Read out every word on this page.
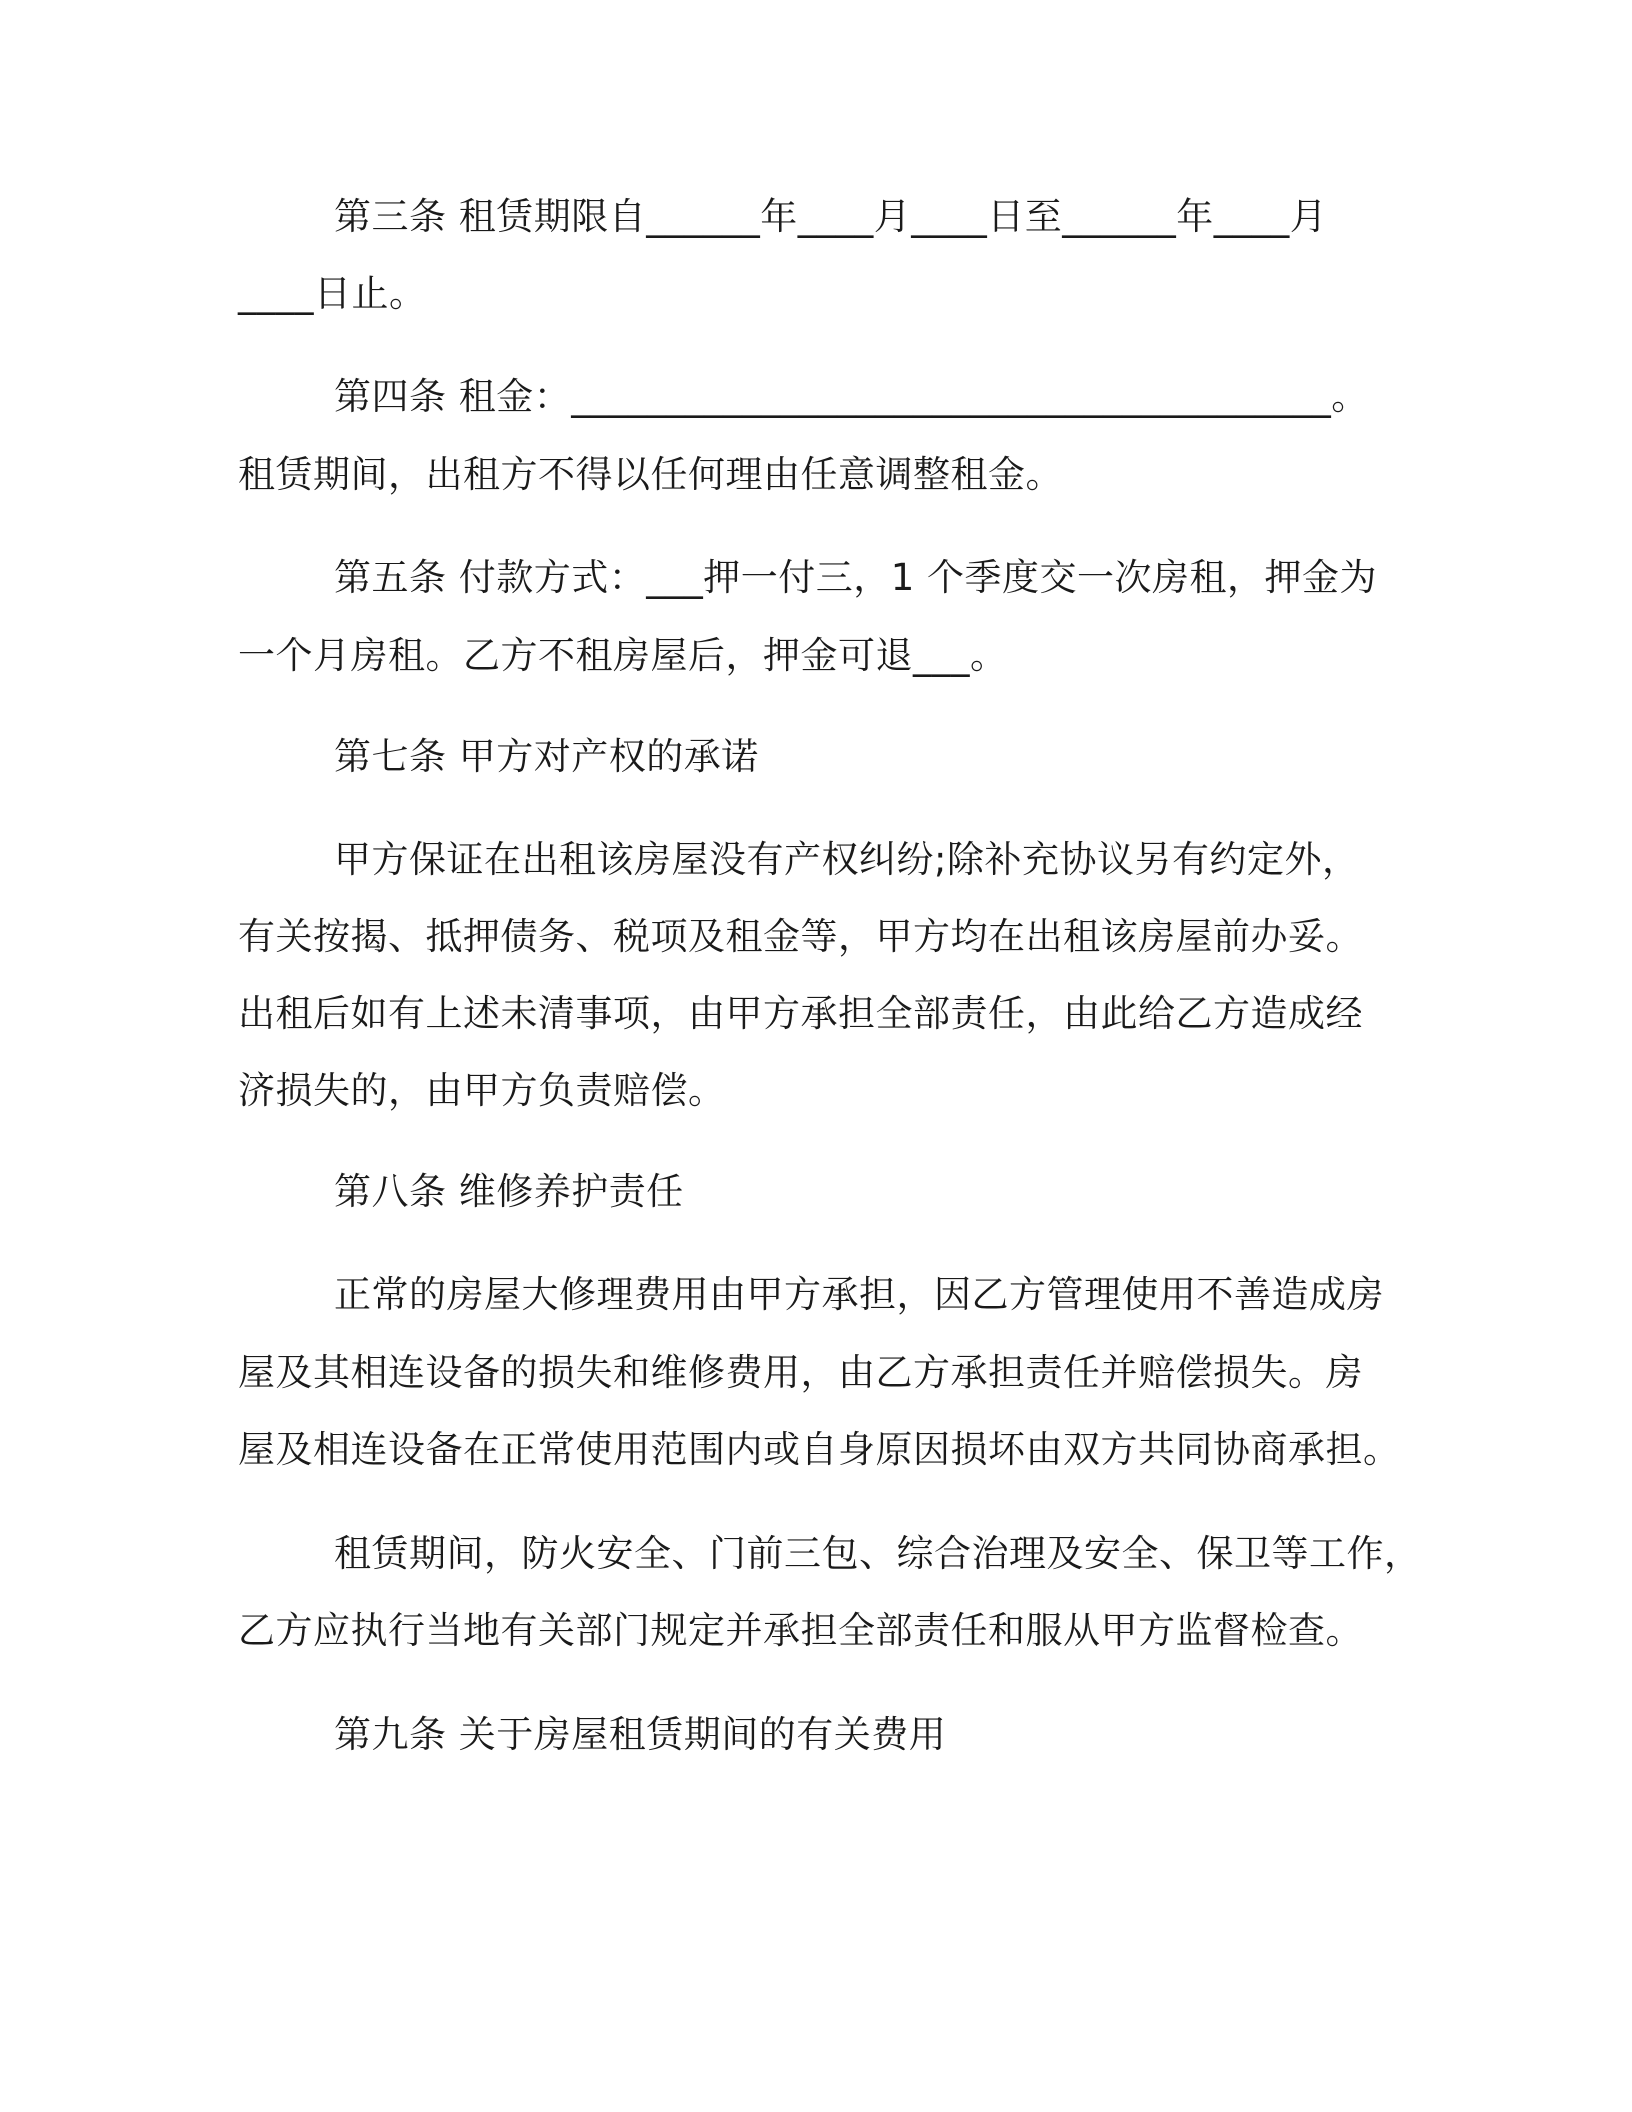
第三条 租赁期限自______年____月____日至______年____月
____日止。
第四条 租金：________________________________________。
租赁期间，出租方不得以任何理由任意调整租金。
第五条 付款方式：___押一付三，1 个季度交一次房租，押金为
一个月房租。乙方不租房屋后，押金可退___。
第七条 甲方对产权的承诺
甲方保证在出租该房屋没有产权纠纷;除补充协议另有约定外，
有关按揭、抵押债务、税项及租金等，甲方均在出租该房屋前办妥。
出租后如有上述未清事项，由甲方承担全部责任，由此给乙方造成经
济损失的，由甲方负责赔偿。
第八条 维修养护责任
正常的房屋大修理费用由甲方承担，因乙方管理使用不善造成房
屋及其相连设备的损失和维修费用，由乙方承担责任并赔偿损失。房
屋及相连设备在正常使用范围内或自身原因损坏由双方共同协商承担。
租赁期间，防火安全、门前三包、综合治理及安全、保卫等工作，
乙方应执行当地有关部门规定并承担全部责任和服从甲方监督检查。
第九条 关于房屋租赁期间的有关费用
